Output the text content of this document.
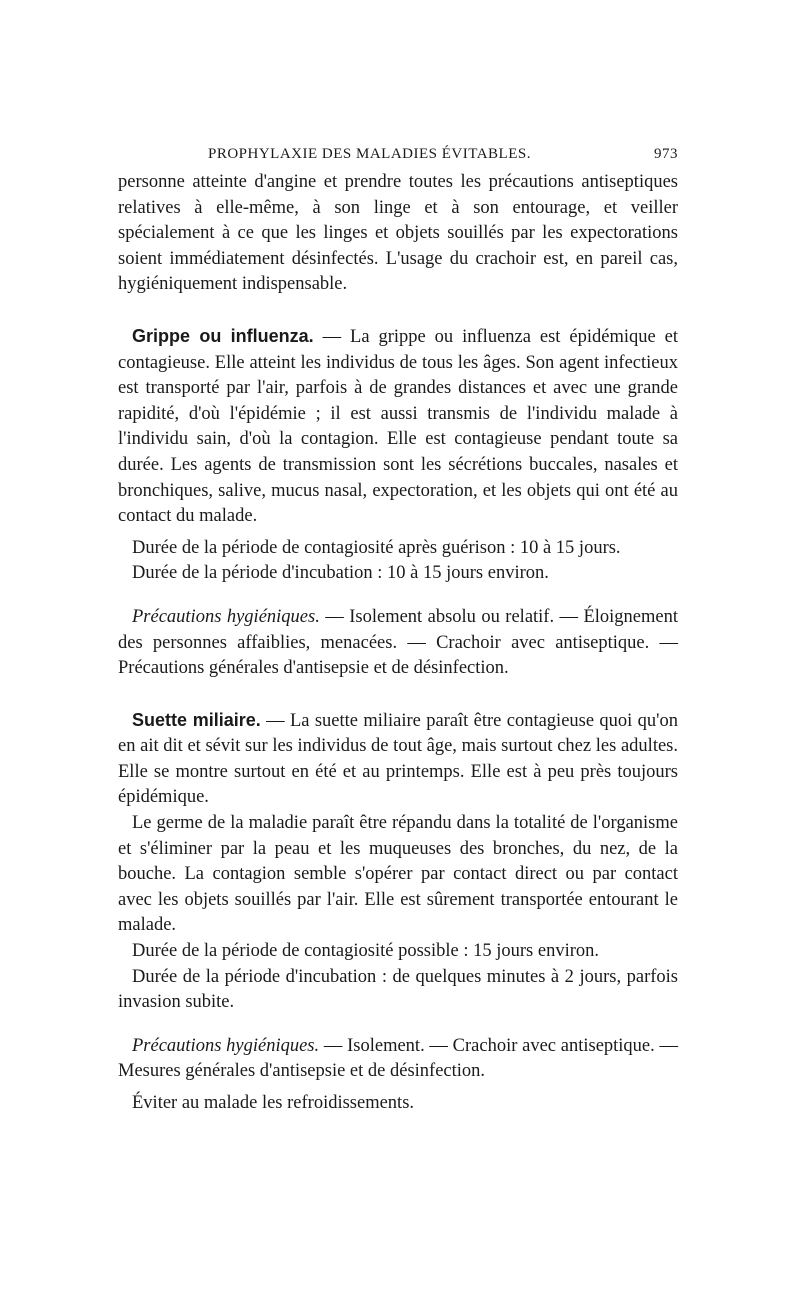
PROPHYLAXIE DES MALADIES ÉVITABLES.	973

personne atteinte d'angine et prendre toutes les précautions antiseptiques relatives à elle-même, à son linge et à son entourage, et veiller spécialement à ce que les linges et objets souillés par les expectorations soient immédiatement désinfectés. L'usage du crachoir est, en pareil cas, hygiéniquement indispensable.

Grippe ou influenza. — La grippe ou influenza est épidémique et contagieuse. Elle atteint les individus de tous les âges. Son agent infectieux est transporté par l'air, parfois à de grandes distances et avec une grande rapidité, d'où l'épidémie ; il est aussi transmis de l'individu malade à l'individu sain, d'où la contagion. Elle est contagieuse pendant toute sa durée. Les agents de transmission sont les sécrétions buccales, nasales et bronchiques, salive, mucus nasal, expectoration, et les objets qui ont été au contact du malade.

Durée de la période de contagiosité après guérison : 10 à 15 jours.

Durée de la période d'incubation : 10 à 15 jours environ.

Précautions hygiéniques. — Isolement absolu ou relatif. — Éloignement des personnes affaiblies, menacées. — Crachoir avec antiseptique. — Précautions générales d'antisepsie et de désinfection.

Suette miliaire. — La suette miliaire paraît être contagieuse quoi qu'on en ait dit et sévit sur les individus de tout âge, mais surtout chez les adultes. Elle se montre surtout en été et au printemps. Elle est à peu près toujours épidémique.

Le germe de la maladie paraît être répandu dans la totalité de l'organisme et s'éliminer par la peau et les muqueuses des bronches, du nez, de la bouche. La contagion semble s'opérer par contact direct ou par contact avec les objets souillés par l'air. Elle est sûrement transportée entourant le malade.

Durée de la période de contagiosité possible : 15 jours environ.

Durée de la période d'incubation : de quelques minutes à 2 jours, parfois invasion subite.

Précautions hygiéniques. — Isolement. — Crachoir avec antiseptique. — Mesures générales d'antisepsie et de désinfection.

Éviter au malade les refroidissements.
